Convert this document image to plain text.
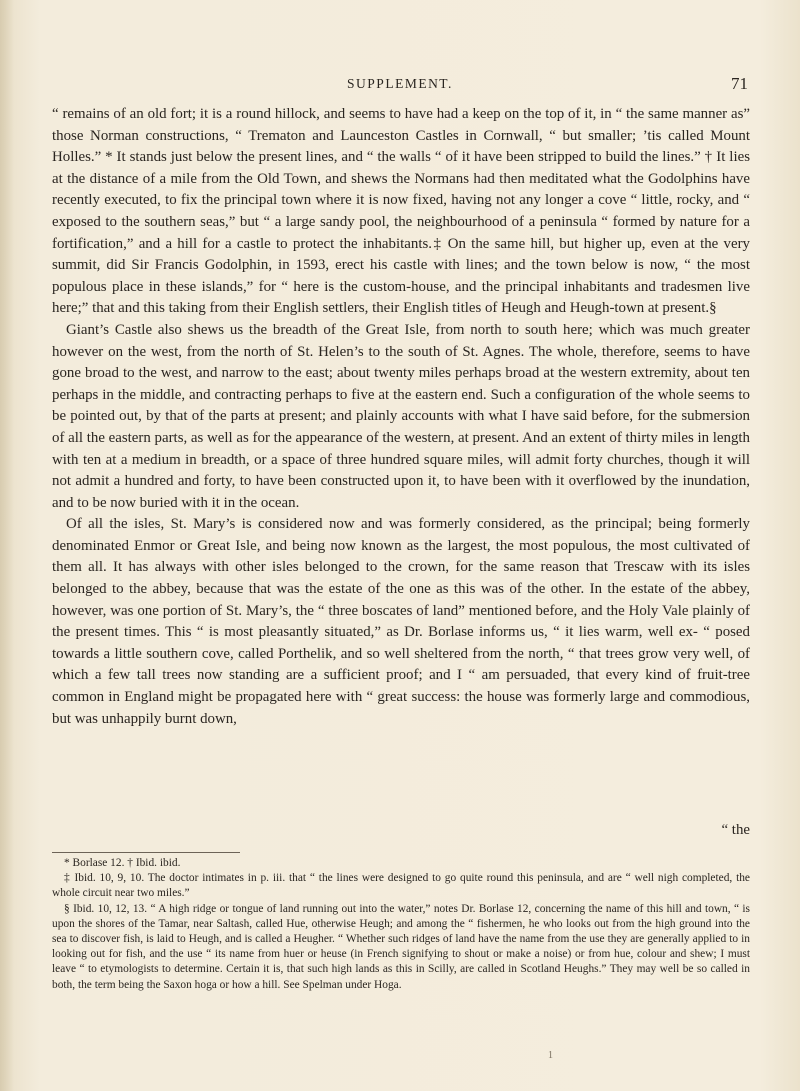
SUPPLEMENT.	71

“ remains of an old fort; it is a round hillock, and seems to have had a keep on the top of it, in “ the same manner as” those Norman constructions, “ Trematon and Launceston Castles in Cornwall, “ but smaller; ’tis called Mount Holles.” * It stands just below the present lines, and “ the walls “ of it have been stripped to build the lines.” † It lies at the distance of a mile from the Old Town, and shews the Normans had then meditated what the Godolphins have recently executed, to fix the principal town where it is now fixed, having not any longer a cove “ little, rocky, and “ exposed to the southern seas,” but “ a large sandy pool, the neighbourhood of a peninsula “ formed by nature for a fortification,” and a hill for a castle to protect the inhabitants.‡ On the same hill, but higher up, even at the very summit, did Sir Francis Godolphin, in 1593, erect his castle with lines; and the town below is now, “ the most populous place in these islands,” for “ here is the custom-house, and the principal inhabitants and tradesmen live here;” that and this taking from their English settlers, their English titles of Heugh and Heugh-town at present.§

Giant’s Castle also shews us the breadth of the Great Isle, from north to south here; which was much greater however on the west, from the north of St. Helen’s to the south of St. Agnes. The whole, therefore, seems to have gone broad to the west, and narrow to the east; about twenty miles perhaps broad at the western extremity, about ten perhaps in the middle, and contracting perhaps to five at the eastern end. Such a configuration of the whole seems to be pointed out, by that of the parts at present; and plainly accounts with what I have said before, for the submersion of all the eastern parts, as well as for the appearance of the western, at present. And an extent of thirty miles in length with ten at a medium in breadth, or a space of three hundred square miles, will admit forty churches, though it will not admit a hundred and forty, to have been constructed upon it, to have been with it overflowed by the inundation, and to be now buried with it in the ocean.

Of all the isles, St. Mary’s is considered now and was formerly considered, as the principal; being formerly denominated Enmor or Great Isle, and being now known as the largest, the most populous, the most cultivated of them all. It has always with other isles belonged to the crown, for the same reason that Trescaw with its isles belonged to the abbey, because that was the estate of the one as this was of the other. In the estate of the abbey, however, was one portion of St. Mary’s, the “ three boscates of land” mentioned before, and the Holy Vale plainly of the present times. This “ is most pleasantly situated,” as Dr. Borlase informs us, “ it lies warm, well ex- “ posed towards a little southern cove, called Porthelik, and so well sheltered from the north, “ that trees grow very well, of which a few tall trees now standing are a sufficient proof; and I “ am persuaded, that every kind of fruit-tree common in England might be propagated here with “ great success: the house was formerly large and commodious, but was unhappily burnt down,

“ the

* Borlase 12. † Ibid. ibid.

‡ Ibid. 10, 9, 10. The doctor intimates in p. iii. that “ the lines were designed to go quite round this peninsula, and are “ well nigh completed, the whole circuit near two miles.”

§ Ibid. 10, 12, 13. “ A high ridge or tongue of land running out into the water,” notes Dr. Borlase 12, concerning the name of this hill and town, “ is upon the shores of the Tamar, near Saltash, called Hue, otherwise Heugh; and among the “ fishermen, he who looks out from the high ground into the sea to discover fish, is laid to Heugh, and is called a Heugher. “ Whether such ridges of land have the name from the use they are generally applied to in looking out for fish, and the use “ its name from huer or heuse (in French signifying to shout or make a noise) or from hue, colour and shew; I must leave “ to etymologists to determine. Certain it is, that such high lands as this in Scilly, are called in Scotland Heughs.” They may well be so called in both, the term being the Saxon hoga or how a hill. See Spelman under Hoga.

1
